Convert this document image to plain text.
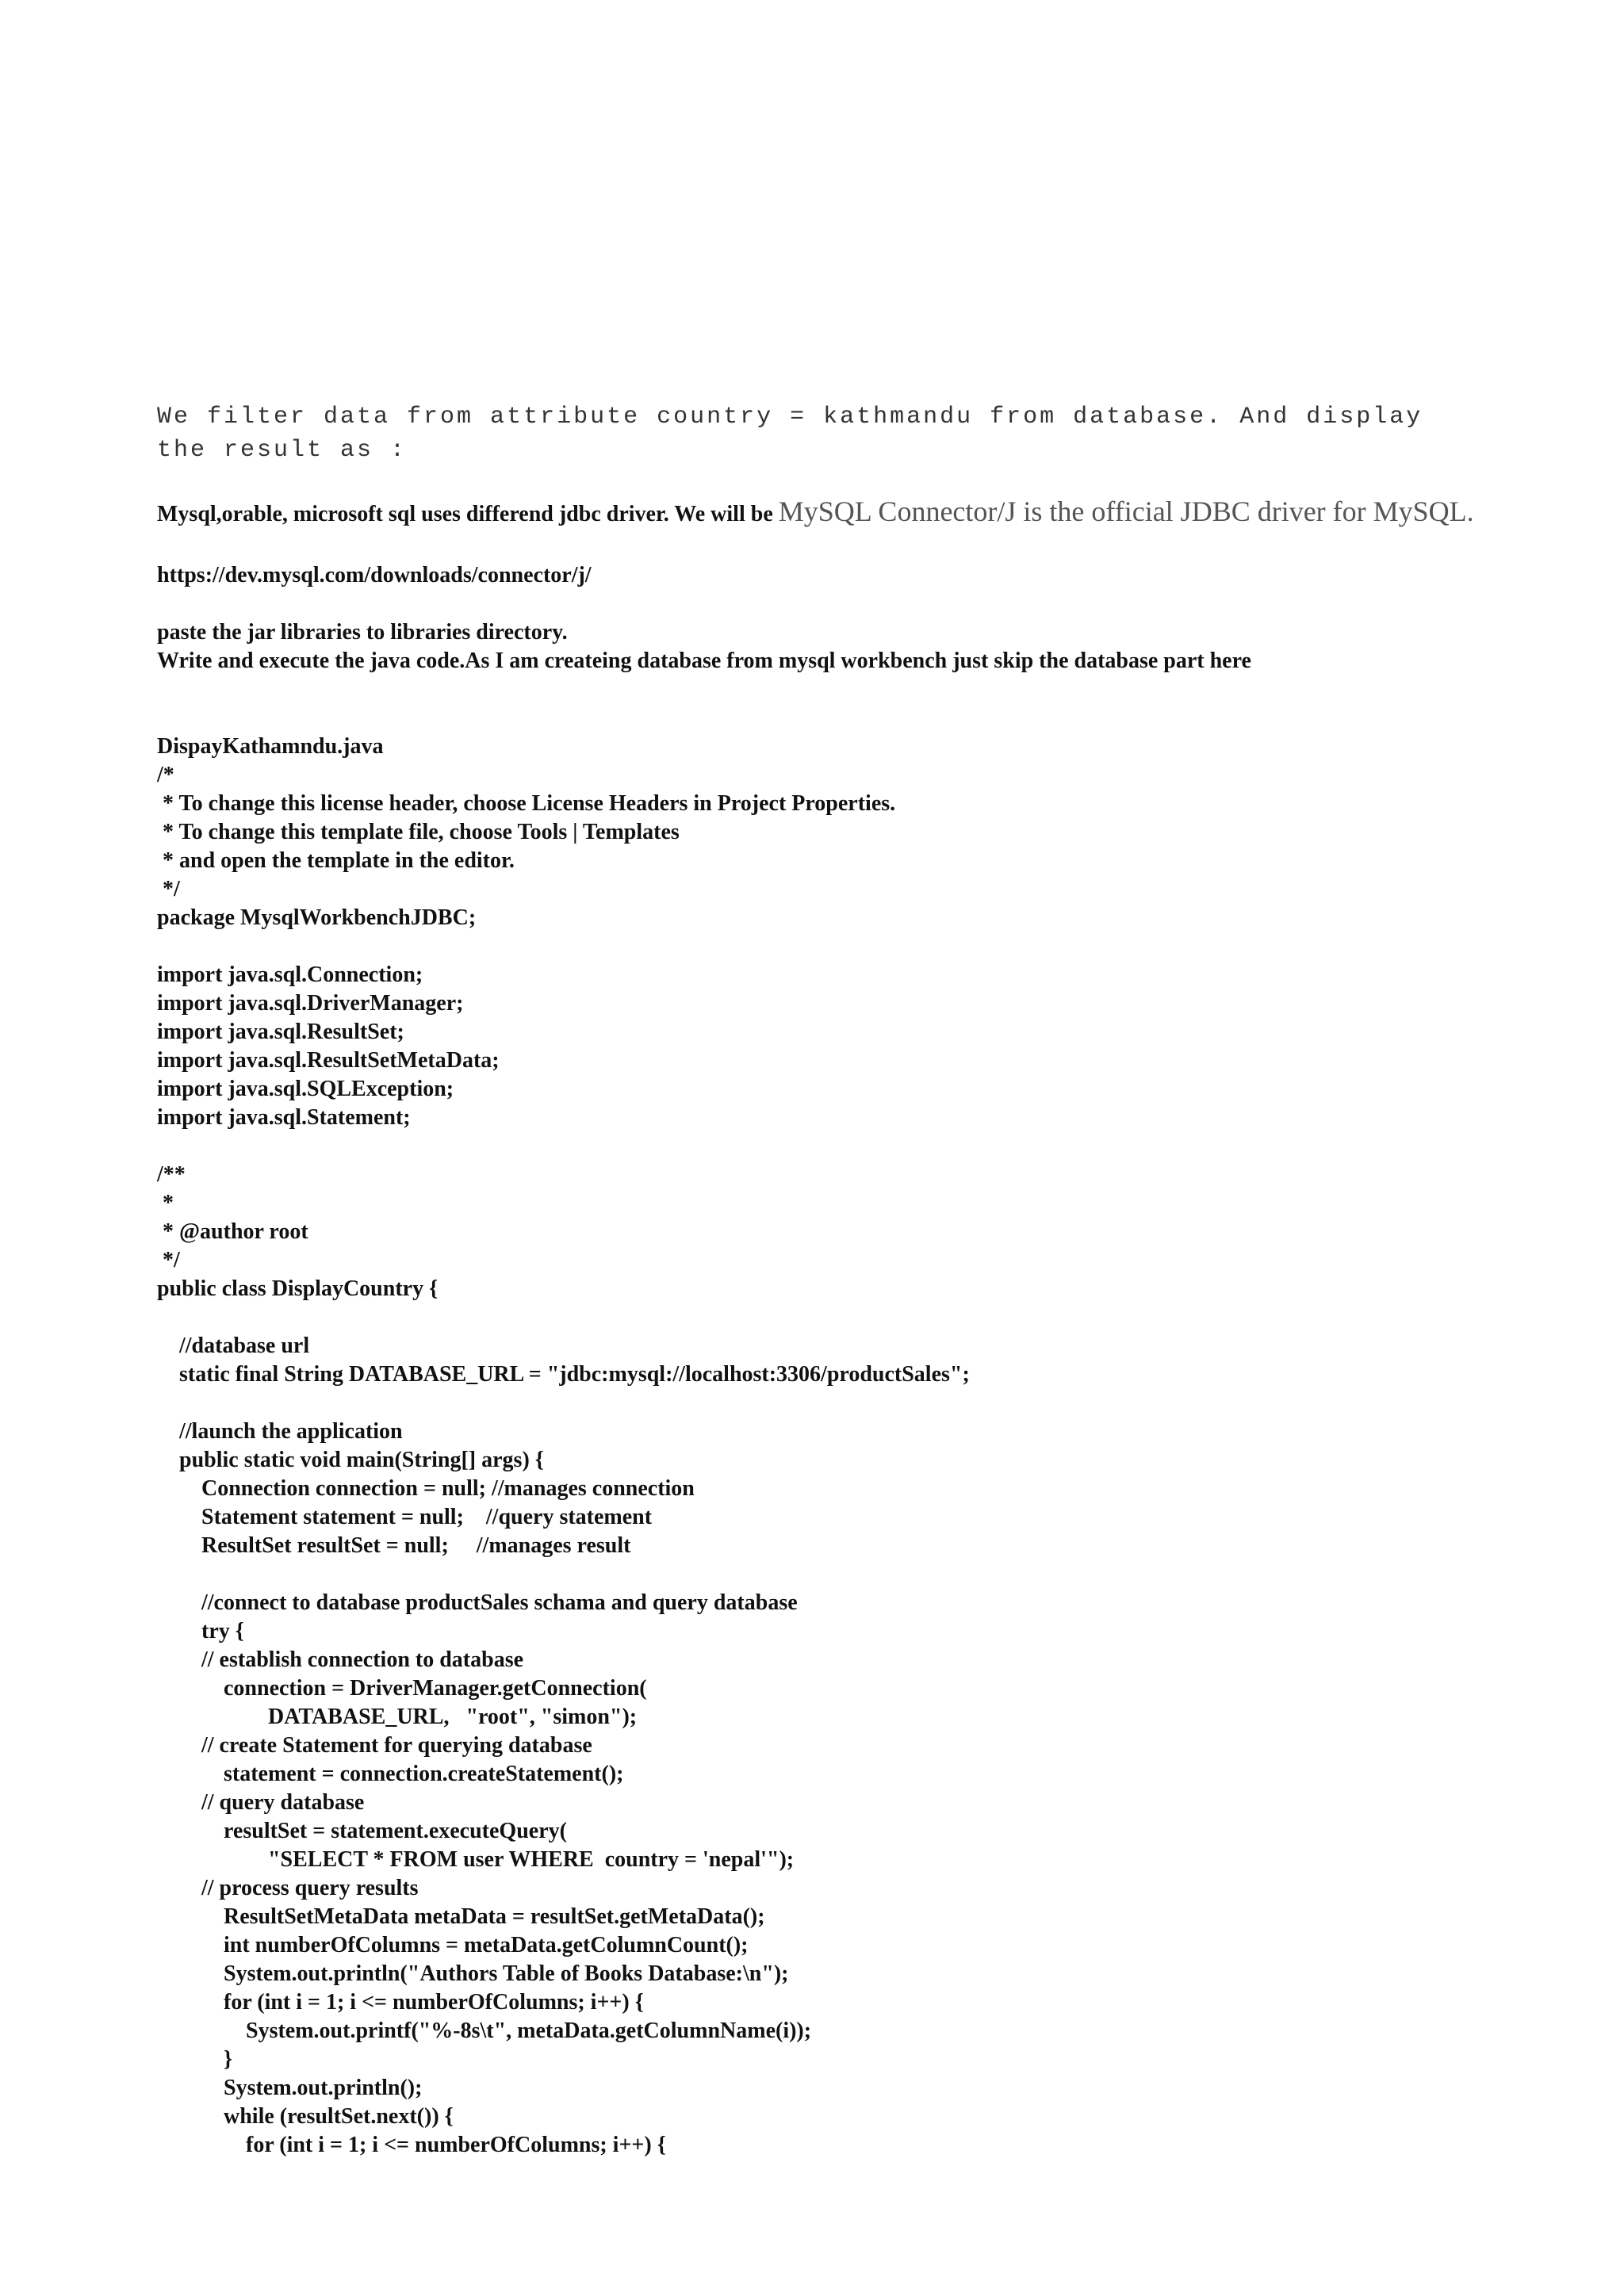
We filter data from attribute country = kathmandu from database. And display the result as :

Mysql,orable, microsoft sql uses differend jdbc driver. We will be MySQL Connector/J is the official JDBC driver for MySQL.

https://dev.mysql.com/downloads/connector/j/

paste the jar libraries to libraries directory.

Write and execute the java code.As I am createing database from mysql workbench just skip the database part here

DispayKathamndu.java
/*
* To change this license header, choose License Headers in Project Properties.
* To change this template file, choose Tools | Templates
* and open the template in the editor.
*/
package MysqlWorkbenchJDBC;

import java.sql.Connection;
import java.sql.DriverManager;
import java.sql.ResultSet;
import java.sql.ResultSetMetaData;
import java.sql.SQLException;
import java.sql.Statement;

/**
*
* @author root
*/
public class DisplayCountry {

//database url
static final String DATABASE_URL = "jdbc:mysql://localhost:3306/productSales";

//launch the application
public static void main(String[] args) {
Connection connection = null; //manages connection
Statement statement = null;    //query statement
ResultSet resultSet = null;     //manages result

//connect to database productSales schama and query database
try {
// establish connection to database
connection = DriverManager.getConnection(
DATABASE_URL,   "root", "simon");
// create Statement for querying database
statement = connection.createStatement();
// query database
resultSet = statement.executeQuery(
"SELECT * FROM user WHERE  country = 'nepal'");
// process query results
ResultSetMetaData metaData = resultSet.getMetaData();
int numberOfColumns = metaData.getColumnCount();
System.out.println("Authors Table of Books Database:\n");
for (int i = 1; i <= numberOfColumns; i++) {
System.out.printf("%-8s\t", metaData.getColumnName(i));
}
System.out.println();
while (resultSet.next()) {
for (int i = 1; i <= numberOfColumns; i++) {
